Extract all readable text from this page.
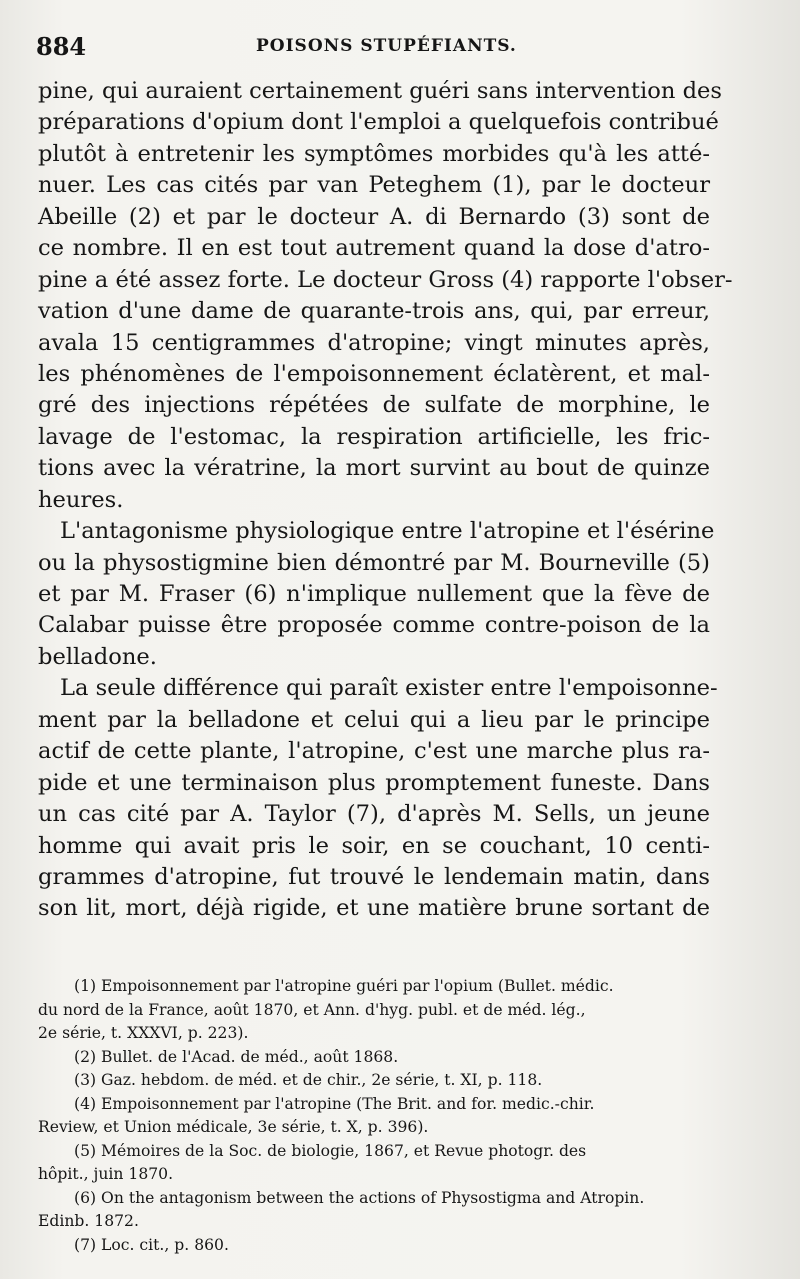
884	POISONS STUPÉFIANTS.
pine, qui auraient certainement guéri sans intervention des
préparations d'opium dont l'emploi a quelquefois contribué
plutôt à entretenir les symptômes morbides qu'à les atté-
nuer. Les cas cités par van Peteghem (1), par le docteur
Abeille (2) et par le docteur A. di Bernardo (3) sont de
ce nombre. Il en est tout autrement quand la dose d'atro-
pine a été assez forte. Le docteur Gross (4) rapporte l'obser-
vation d'une dame de quarante-trois ans, qui, par erreur,
avala 15 centigrammes d'atropine; vingt minutes après,
les phénomènes de l'empoisonnement éclatèrent, et mal-
gré des injections répétées de sulfate de morphine, le
lavage de l'estomac, la respiration artificielle, les fric-
tions avec la vératrine, la mort survint au bout de quinze
heures.
L'antagonisme physiologique entre l'atropine et l'ésérine
ou la physostigmine bien démontré par M. Bourneville (5)
et par M. Fraser (6) n'implique nullement que la fève de
Calabar puisse être proposée comme contre-poison de la
belladone.
La seule différence qui paraît exister entre l'empoisonne-
ment par la belladone et celui qui a lieu par le principe
actif de cette plante, l'atropine, c'est une marche plus ra-
pide et une terminaison plus promptement funeste. Dans
un cas cité par A. Taylor (7), d'après M. Sells, un jeune
homme qui avait pris le soir, en se couchant, 10 centi-
grammes d'atropine, fut trouvé le lendemain matin, dans
son lit, mort, déjà rigide, et une matière brune sortant de
(1) Empoisonnement par l'atropine guéri par l'opium (Bullet. médic.
du nord de la France, août 1870, et Ann. d'hyg. publ. et de méd. lég.,
2e série, t. XXXVI, p. 223).
(2) Bullet. de l'Acad. de méd., août 1868.
(3) Gaz. hebdom. de méd. et de chir., 2e série, t. XI, p. 118.
(4) Empoisonnement par l'atropine (The Brit. and for. medic.-chir.
Review, et Union médicale, 3e série, t. X, p. 396).
(5) Mémoires de la Soc. de biologie, 1867, et Revue photogr. des
hôpit., juin 1870.
(6) On the antagonism between the actions of Physostigma and Atropin.
Edinb. 1872.
(7) Loc. cit., p. 860.
